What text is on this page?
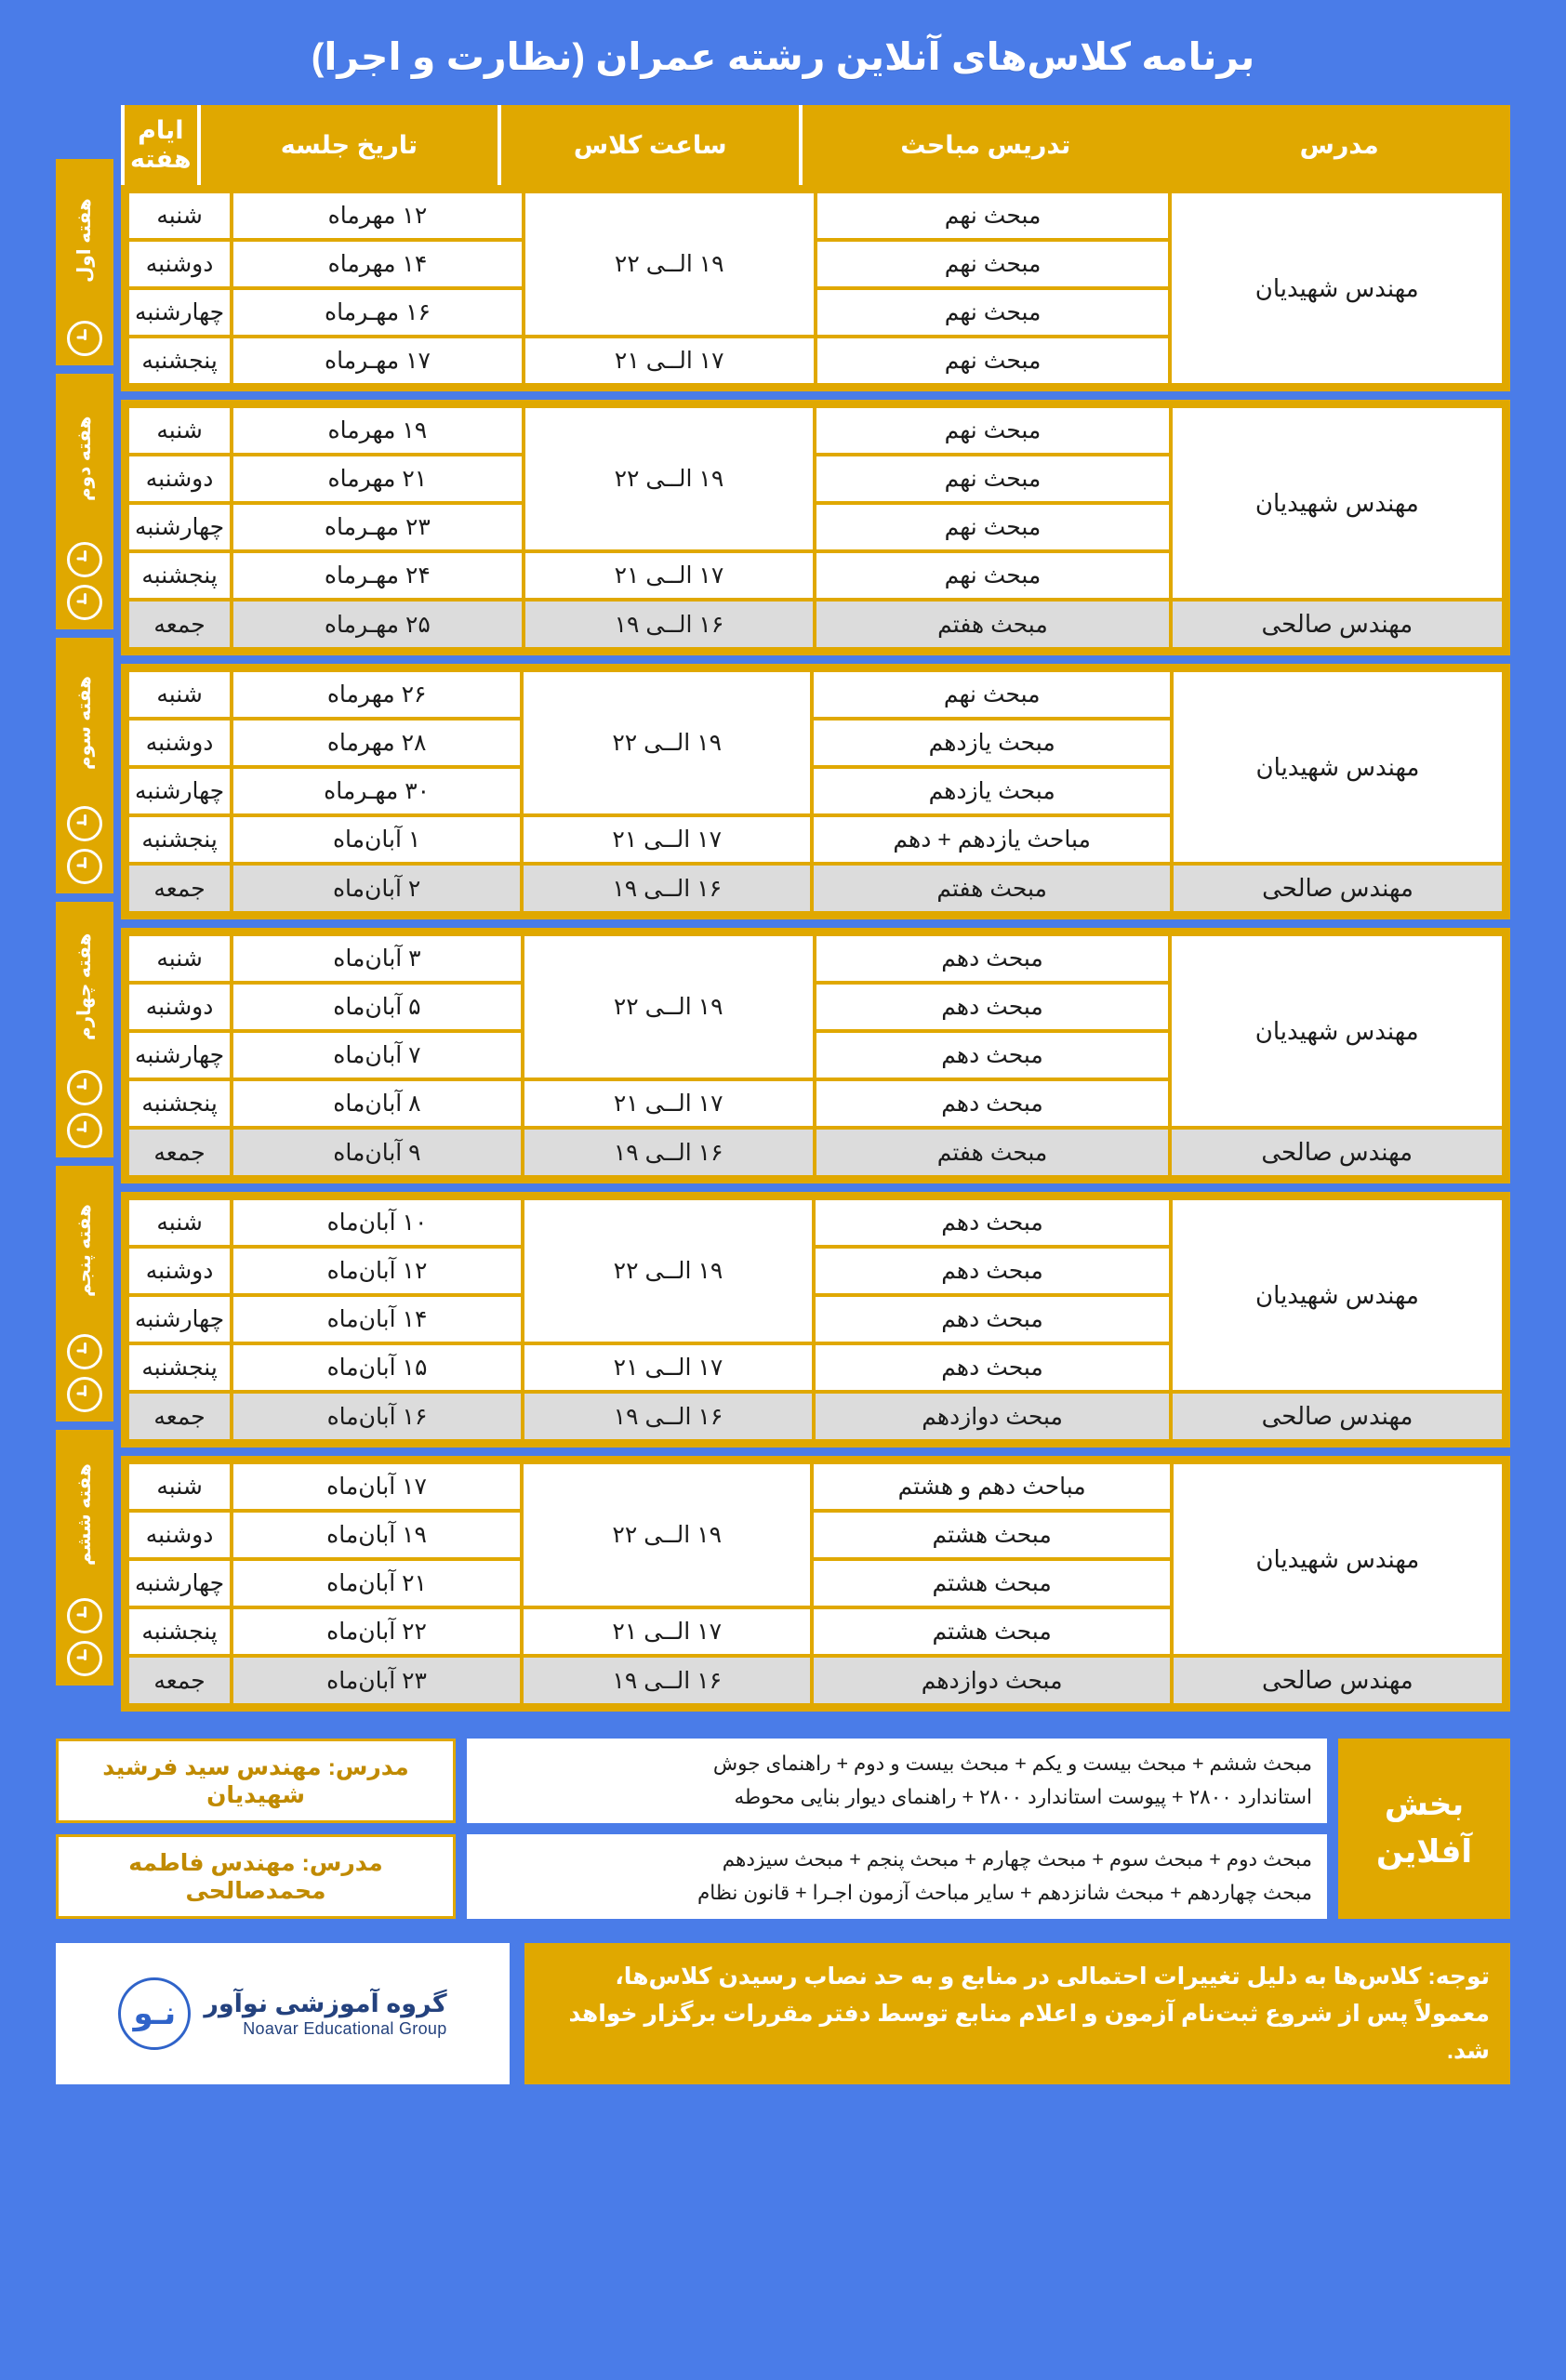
برنامه کلاس‌های آنلاین رشته عمران (نظارت و اجرا)
مدرس	تدریس مباحث	ساعت کلاس	تاریخ جلسه	ایام هفته
مهندس شهیدیان	مبحث نهم	۱۹ الــی ۲۲	۱۲ مهرماه	شنبه
	مبحث نهم		۱۴ مهرماه	دوشنبه
	مبحث نهم		۱۶ مهـرماه	چهارشنبه
	مبحث نهم	۱۷ الــی ۲۱	۱۷ مهـرماه	پنجشنبه
مهندس شهیدیان	مبحث نهم	۱۹ الــی ۲۲	۱۹ مهرماه	شنبه
	مبحث نهم		۲۱ مهرماه	دوشنبه
	مبحث نهم		۲۳ مهـرماه	چهارشنبه
	مبحث نهم	۱۷ الــی ۲۱	۲۴ مهـرماه	پنجشنبه
مهندس صالحی	مبحث هفتم	۱۶ الــی ۱۹	۲۵ مهـرماه	جمعه
مهندس شهیدیان	مبحث نهم	۱۹ الــی ۲۲	۲۶ مهرماه	شنبه
	مبحث یازدهم		۲۸ مهرماه	دوشنبه
	مبحث یازدهم		۳۰ مهـرماه	چهارشنبه
	مباحث یازدهم + دهم	۱۷ الــی ۲۱	۱ آبان‌ماه	پنجشنبه
مهندس صالحی	مبحث هفتم	۱۶ الــی ۱۹	۲ آبان‌ماه	جمعه
مهندس شهیدیان	مبحث دهم	۱۹ الــی ۲۲	۳ آبان‌ماه	شنبه
	مبحث دهم		۵ آبان‌ماه	دوشنبه
	مبحث دهم		۷ آبان‌ماه	چهارشنبه
	مبحث دهم	۱۷ الــی ۲۱	۸ آبان‌ماه	پنجشنبه
مهندس صالحی	مبحث هفتم	۱۶ الــی ۱۹	۹ آبان‌ماه	جمعه
مهندس شهیدیان	مبحث دهم	۱۹ الــی ۲۲	۱۰ آبان‌ماه	شنبه
	مبحث دهم		۱۲ آبان‌ماه	دوشنبه
	مبحث دهم		۱۴ آبان‌ماه	چهارشنبه
	مبحث دهم	۱۷ الــی ۲۱	۱۵ آبان‌ماه	پنجشنبه
مهندس صالحی	مبحث دوازدهم	۱۶ الــی ۱۹	۱۶ آبان‌ماه	جمعه
مهندس شهیدیان	مباحث دهم و هشتم	۱۹ الــی ۲۲	۱۷ آبان‌ماه	شنبه
	مبحث هشتم		۱۹ آبان‌ماه	دوشنبه
	مبحث هشتم		۲۱ آبان‌ماه	چهارشنبه
	مبحث هشتم	۱۷ الــی ۲۱	۲۲ آبان‌ماه	پنجشنبه
مهندس صالحی	مبحث دوازدهم	۱۶ الــی ۱۹	۲۳ آبان‌ماه	جمعه
هفته اول
هفته دوم
هفته سوم
هفته چهارم
هفته پنجم
هفته ششم
بخش آفلاین
مبحث ششم + مبحث بیست و یکم + مبحث بیست و دوم + راهنمای جوش
استاندارد ۲۸۰۰ + پیوست استاندارد ۲۸۰۰ + راهنمای دیوار بنایی محوطه
مدرس: مهندس سید فرشید شهیدیان
مبحث دوم + مبحث سوم + مبحث چهارم + مبحث پنجم + مبحث سیزدهم
مبحث چهاردهم + مبحث شانزدهم + سایر مباحث آزمون اجـرا + قانون نظام
مدرس: مهندس فاطمه محمدصالحی
توجه: کلاس‌ها به دلیل تغییرات احتمالی در منابع و به حد نصاب رسیدن کلاس‌ها،
معمولاً پس از شروع ثبت‌نام آزمون و اعلام منابع توسط دفتر مقررات برگزار خواهد شد.
گروه آموزشی نوآور
Noavar Educational Group
نـو
